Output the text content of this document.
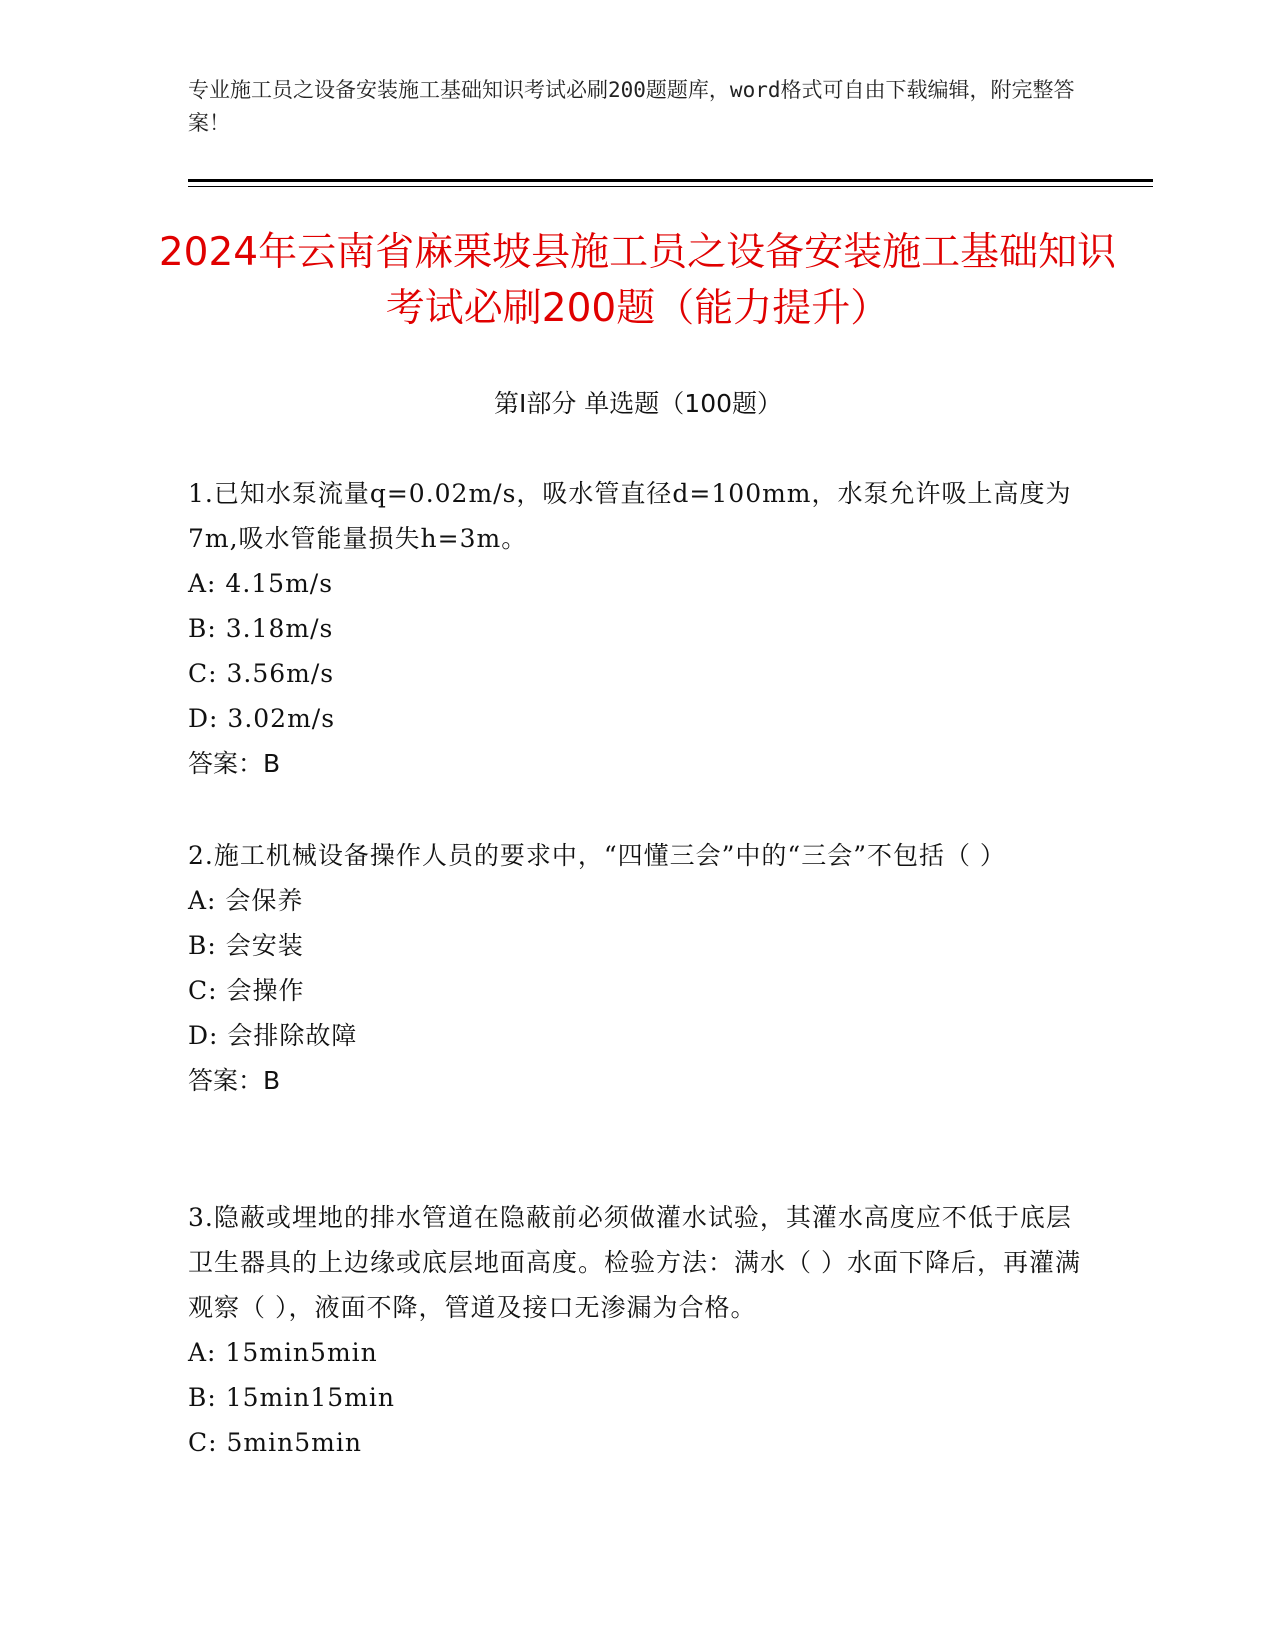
专业施工员之设备安装施工基础知识考试必刷200题题库，word格式可自由下载编辑，附完整答案！
2024年云南省麻栗坡县施工员之设备安装施工基础知识考试必刷200题（能力提升）
第Ⅰ部分 单选题（100题）
1.已知水泵流量q=0.02m/s，吸水管直径d=100mm，水泵允许吸上高度为7m,吸水管能量损失h=3m。
A: 4.15m/s
B: 3.18m/s
C: 3.56m/s
D: 3.02m/s
答案：B
2.施工机械设备操作人员的要求中，“四懂三会”中的“三会”不包括（ ）
A: 会保养
B: 会安装
C: 会操作
D: 会排除故障
答案：B
3.隐蔽或埋地的排水管道在隐蔽前必须做灌水试验，其灌水高度应不低于底层卫生器具的上边缘或底层地面高度。检验方法：满水（ ）水面下降后，再灌满观察（ ），液面不降，管道及接口无渗漏为合格。
A: 15min5min
B: 15min15min
C: 5min5min
